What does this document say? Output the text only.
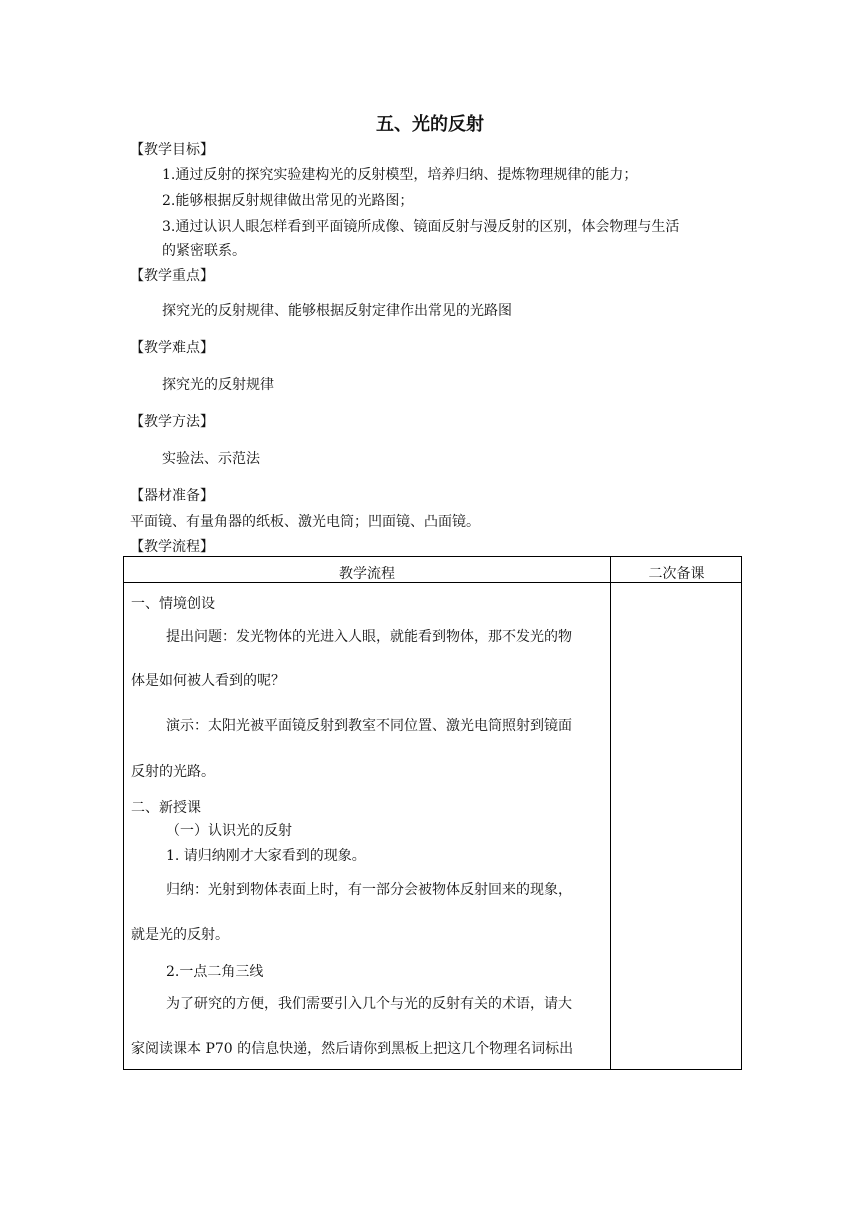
五、光的反射
【教学目标】
1.通过反射的探究实验建构光的反射模型，培养归纳、提炼物理规律的能力；
2.能够根据反射规律做出常见的光路图；
3.通过认识人眼怎样看到平面镜所成像、镜面反射与漫反射的区别，体会物理与生活
的紧密联系。
【教学重点】
探究光的反射规律、能够根据反射定律作出常见的光路图
【教学难点】
探究光的反射规律
【教学方法】
实验法、示范法
【器材准备】
平面镜、有量角器的纸板、激光电筒；凹面镜、凸面镜。
【教学流程】
教学流程	二次备课
一、情境创设
提出问题：发光物体的光进入人眼，就能看到物体，那不发光的物
体是如何被人看到的呢？
演示：太阳光被平面镜反射到教室不同位置、激光电筒照射到镜面
反射的光路。
二、新授课
（一）认识光的反射
1. 请归纳刚才大家看到的现象。
归纳：光射到物体表面上时，有一部分会被物体反射回来的现象，
就是光的反射。
2.一点二角三线
为了研究的方便，我们需要引入几个与光的反射有关的术语，请大
家阅读课本 P70 的信息快递，然后请你到黑板上把这几个物理名词标出
